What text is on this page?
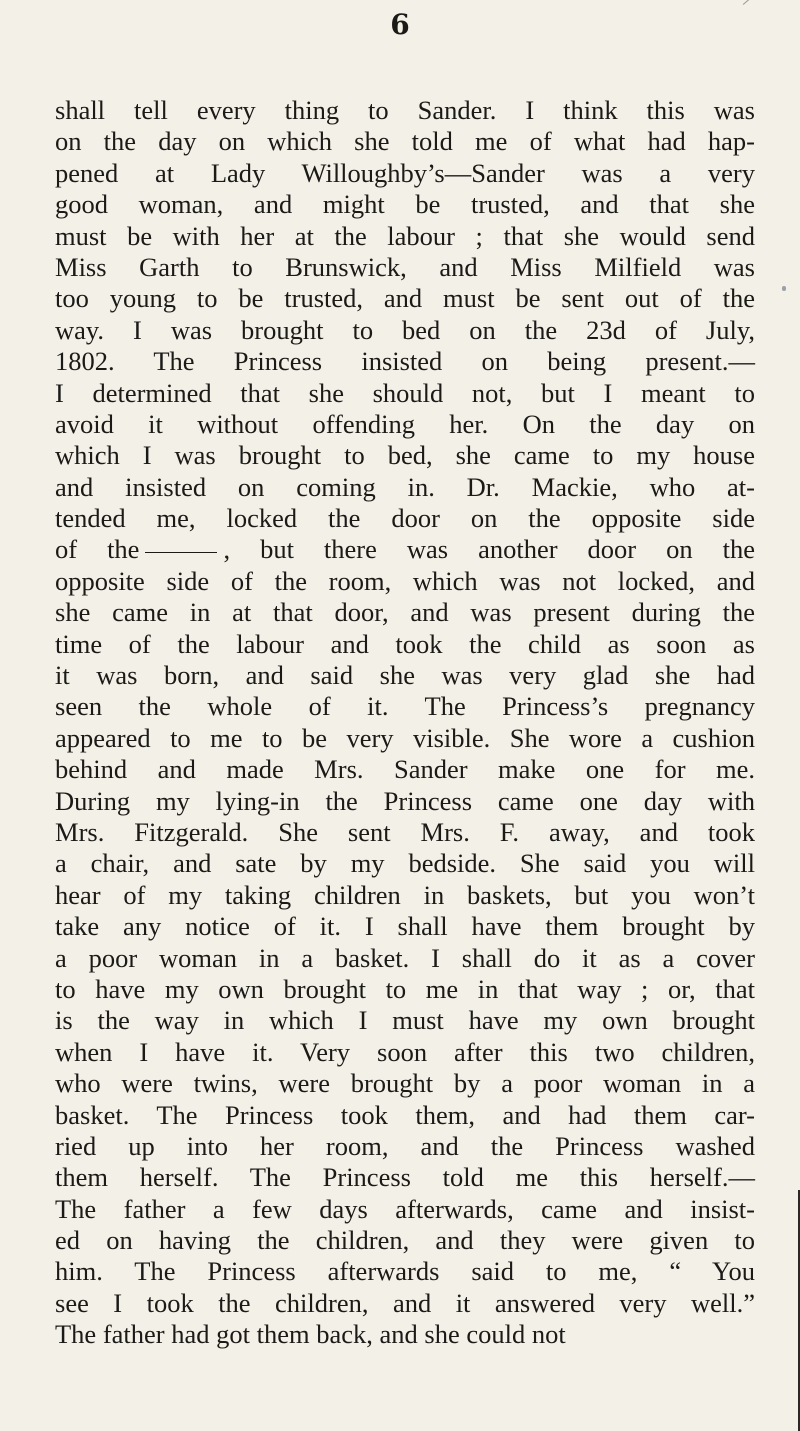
6
shall tell every thing to Sander. I think this was
on the day on which she told me of what had hap-
pened at Lady Willoughby’s—Sander was a very
good woman, and might be trusted, and that she
must be with her at the labour ; that she would send
Miss Garth to Brunswick, and Miss Milfield was
too young to be trusted, and must be sent out of the
way. I was brought to bed on the 23d of July,
1802. The Princess insisted on being present.—
I determined that she should not, but I meant to
avoid it without offending her. On the day on
which I was brought to bed, she came to my house
and insisted on coming in. Dr. Mackie, who at-
tended me, locked the door on the opposite side
of the	, but there was another door on the
opposite side of the room, which was not locked, and
she came in at that door, and was present during the
time of the labour and took the child as soon as
it was born, and said she was very glad she had
seen the whole of it. The Princess’s pregnancy
appeared to me to be very visible. She wore a cushion
behind and made Mrs. Sander make one for me.
During my lying-in the Princess came one day with
Mrs. Fitzgerald. She sent Mrs. F. away, and took
a chair, and sate by my bedside. She said you will
hear of my taking children in baskets, but you won’t
take any notice of it. I shall have them brought by
a poor woman in a basket. I shall do it as a cover
to have my own brought to me in that way ; or, that
is the way in which I must have my own brought
when I have it. Very soon after this two children,
who were twins, were brought by a poor woman in a
basket. The Princess took them, and had them car-
ried up into her room, and the Princess washed
them herself. The Princess told me this herself.—
The father a few days afterwards, came and insist-
ed on having the children, and they were given to
him. The Princess afterwards said to me, “ You
see I took the children, and it answered very well.”
The father had got them back, and she could not
